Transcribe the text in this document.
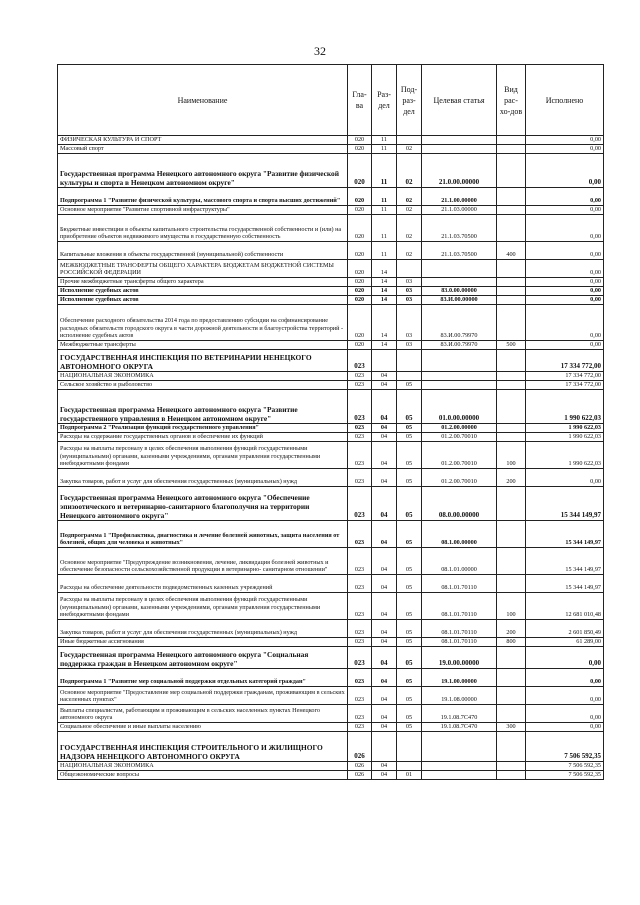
32
Наименование	Гла-ва	Раз-дел	Под-раз-дел	Целевая статья	Вид рас-хо-дов	Исполнено
ФИЗИЧЕСКАЯ КУЛЬТУРА И СПОРТ	020	11				0,00
Массовый спорт	020	11	02			0,00
Государственная программа Ненецкого автономного округа "Развитие физической культуры и спорта в Ненецком автономном округе"	020	11	02	21.0.00.00000		0,00
Подпрограмма 1 "Развитие физической культуры, массового спорта и спорта высших достижений"	020	11	02	21.1.00.00000		0,00
Основное мероприятие "Развитие спортивной инфраструктуры"	020	11	02	21.1.03.00000		0,00
Бюджетные инвестиции в объекты капитального строительства государственной собственности и (или) на приобретение объектов недвижимого имущества в государственную собственность	020	11	02	21.1.03.70500		0,00
Капитальные вложения в объекты государственной (муниципальной) собственности	020	11	02	21.1.03.70500	400	0,00
МЕЖБЮДЖЕТНЫЕ ТРАНСФЕРТЫ ОБЩЕГО ХАРАКТЕРА БЮДЖЕТАМ БЮДЖЕТНОЙ СИСТЕМЫ РОССИЙСКОЙ ФЕДЕРАЦИИ	020	14				0,00
Прочие межбюджетные трансферты общего характера	020	14	03			0,00
Исполнение судебных актов	020	14	03	83.0.00.00000		0,00
Исполнение судебных актов	020	14	03	83.И.00.00000		0,00
Обеспечение расходного обязательства 2014 года по предоставлению субсидии на софинансирование расходных обязательств городского округа в части дорожной деятельности и благоустройства территорий - исполнение судебных актов	020	14	03	83.И.00.79970		0,00
Межбюджетные трансферты	020	14	03	83.И.00.79970	500	0,00
ГОСУДАРСТВЕННАЯ ИНСПЕКЦИЯ ПО ВЕТЕРИНАРИИ НЕНЕЦКОГО АВТОНОМНОГО ОКРУГА	023					17 334 772,00
НАЦИОНАЛЬНАЯ ЭКОНОМИКА	023	04				17 334 772,00
Сельское хозяйство и рыболовство	023	04	05			17 334 772,00
Государственная программа Ненецкого автономного округа "Развитие государственного управления в Ненецком автономном округе"	023	04	05	01.0.00.00000		1 990 622,03
Подпрограмма 2 "Реализация функций государственного управления"	023	04	05	01.2.00.00000		1 990 622,03
Расходы на содержание государственных органов и обеспечение их функций	023	04	05	01.2.00.70010		1 990 622,03
Расходы на выплаты персоналу в целях обеспечения выполнения функций государственными (муниципальными) органами, казенными учреждениями, органами управления государственными внебюджетными фондами	023	04	05	01.2.00.70010	100	1 990 622,03
Закупка товаров, работ и услуг для обеспечения государственных (муниципальных) нужд	023	04	05	01.2.00.70010	200	0,00
Государственная программа Ненецкого автономного округа "Обеспечение эпизоотического и ветеринарно-санитарного благополучия на территории Ненецкого автономного округа"	023	04	05	08.0.00.00000		15 344 149,97
Подпрограмма 1 "Профилактика, диагностика и лечение болезней животных, защита населения от болезней, общих для человека и животных"	023	04	05	08.1.00.00000		15 344 149,97
Основное мероприятие "Предупреждение возникновения, лечение, ликвидация болезней животных и обеспечение безопасности сельскохозяйственной продукции в ветеринарно- санитарном отношении"	023	04	05	08.1.01.00000		15 344 149,97
Расходы на обеспечение деятельности подведомственных казенных учреждений	023	04	05	08.1.01.70110		15 344 149,97
Расходы на выплаты персоналу в целях обеспечения выполнения функций государственными (муниципальными) органами, казенными учреждениями, органами управления государственными внебюджетными фондами	023	04	05	08.1.01.70110	100	12 681 010,48
Закупка товаров, работ и услуг для обеспечения государственных (муниципальных) нужд	023	04	05	08.1.01.70110	200	2 601 850,49
Иные бюджетные ассигнования	023	04	05	08.1.01.70110	800	61 289,00
Государственная программа Ненецкого автономного округа "Социальная поддержка граждан в Ненецком автономном округе"	023	04	05	19.0.00.00000		0,00
Подпрограмма 1 "Развитие мер социальной поддержки отдельных категорий граждан"	023	04	05	19.1.00.00000		0,00
Основное мероприятие "Предоставление мер социальной поддержки гражданам, проживающим в сельских населенных пунктах"	023	04	05	19.1.08.00000		0,00
Выплаты специалистам, работающим и проживающим в сельских населенных пунктах Ненецкого автономного округа	023	04	05	19.1.08.7C470		0,00
Социальное обеспечение и иные выплаты населению	023	04	05	19.1.08.7C470	300	0,00
ГОСУДАРСТВЕННАЯ ИНСПЕКЦИЯ СТРОИТЕЛЬНОГО И ЖИЛИЩНОГО НАДЗОРА НЕНЕЦКОГО АВТОНОМНОГО ОКРУГА	026					7 506 592,35
НАЦИОНАЛЬНАЯ ЭКОНОМИКА	026	04				7 506 592,35
Общеэкономические вопросы	026	04	01			7 506 592,35
